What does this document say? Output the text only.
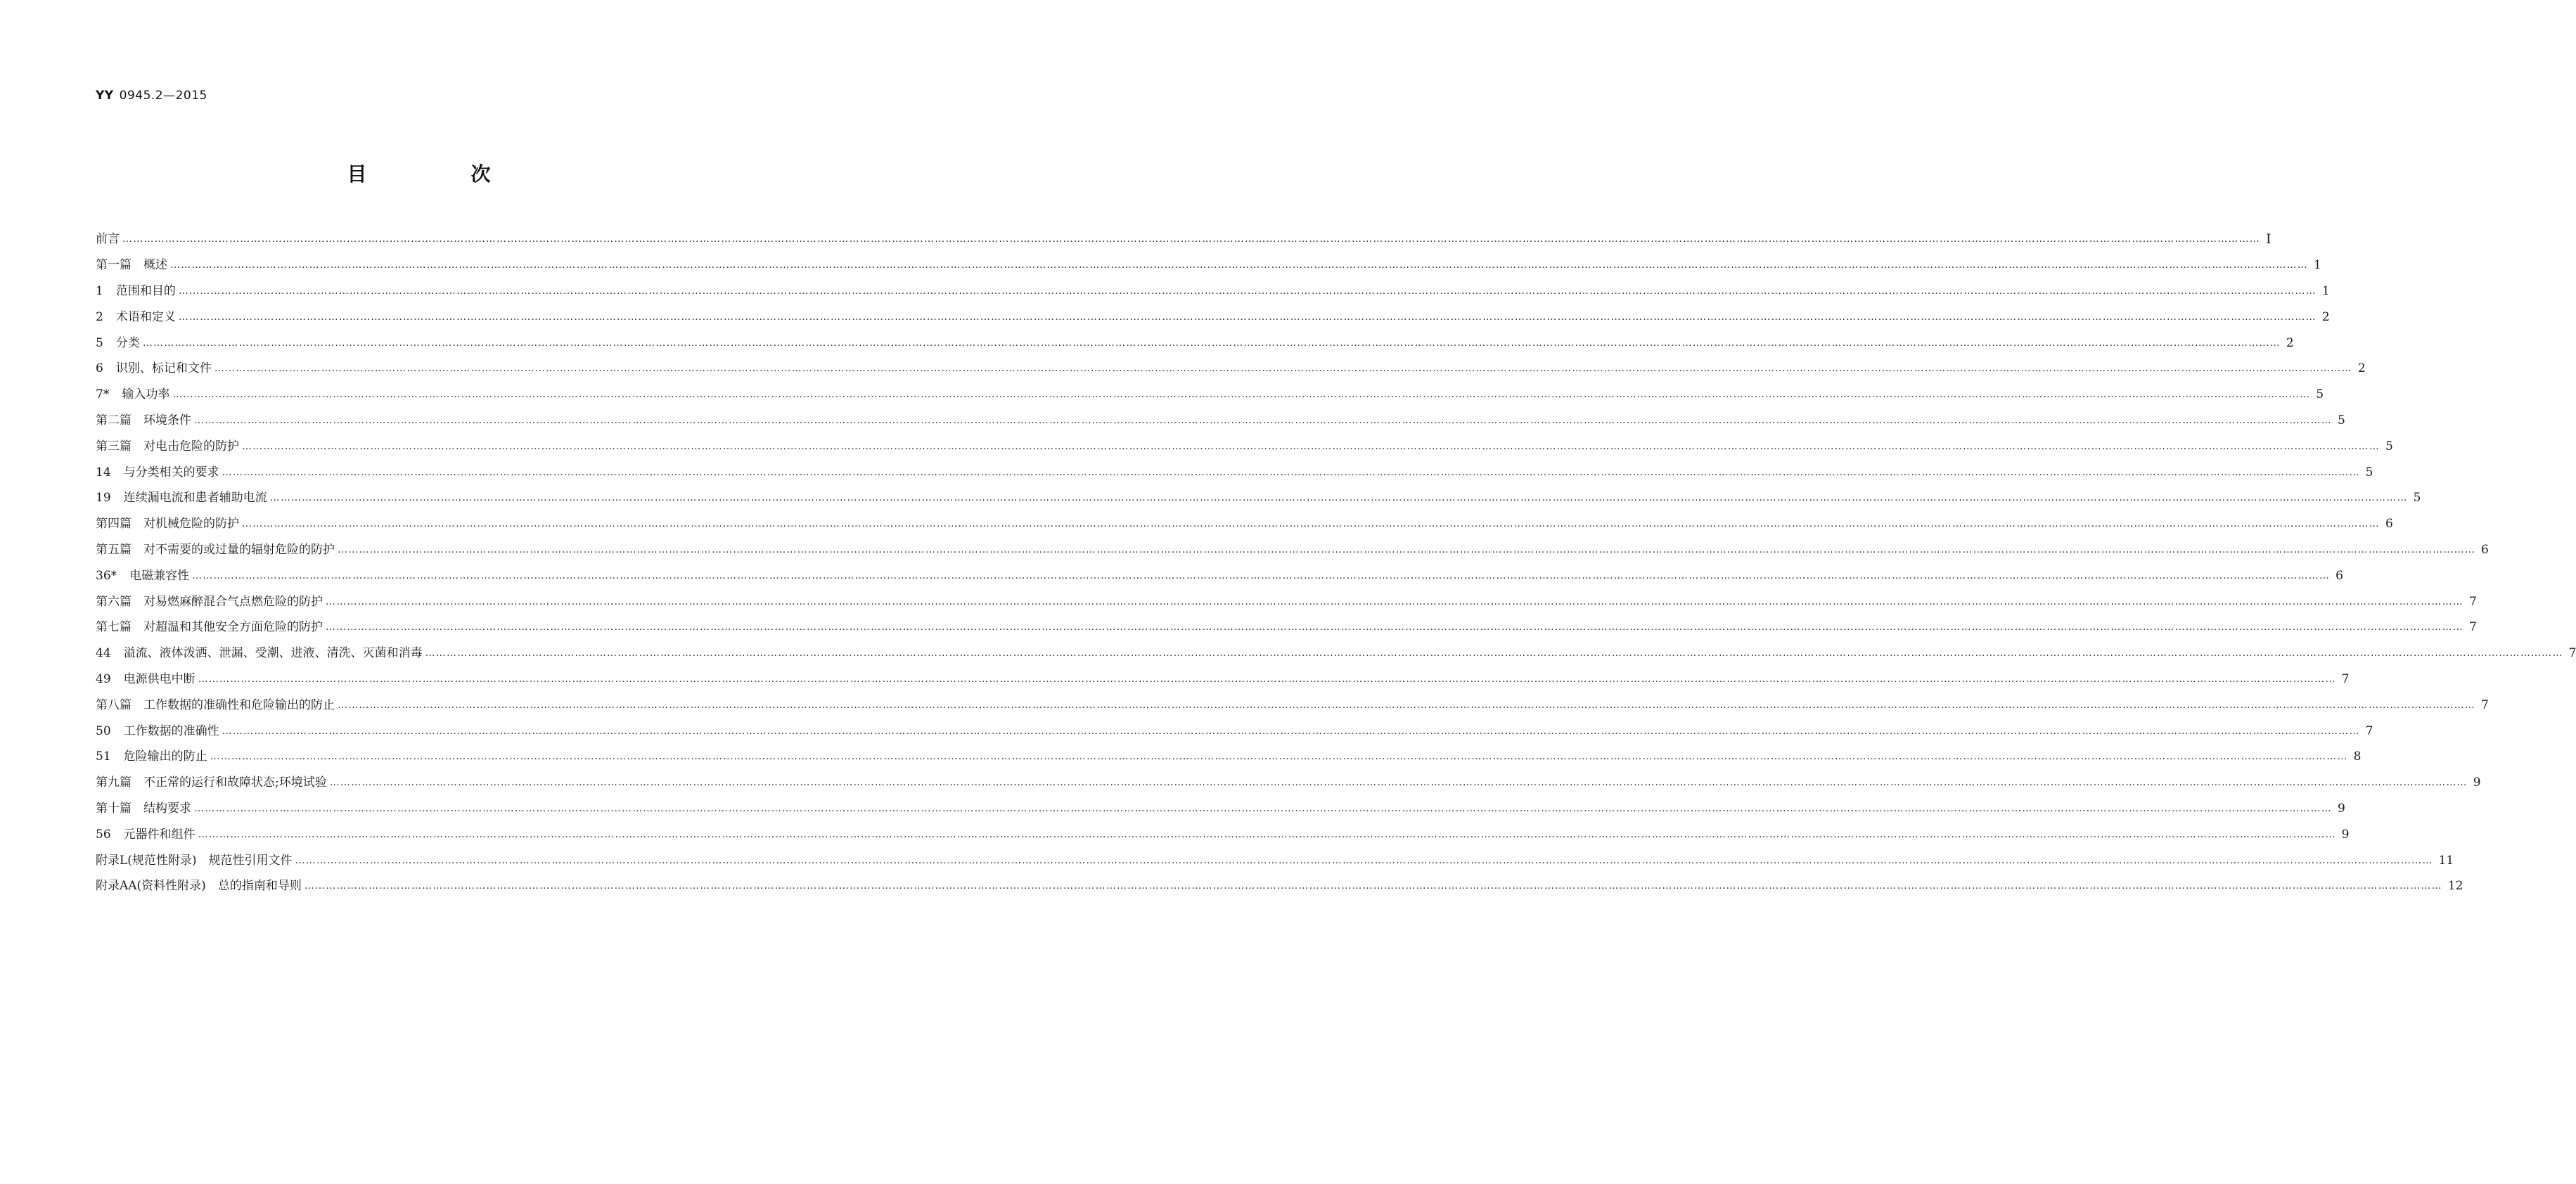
YY 0945.2—2015
目　次
前言 …………………………………………………………………………………………………………………………………………………………………………………………………………………………………………………………………………………………………………………………………………………………………………………………………………………………………………………………………………………………………………………………………………………… Ⅰ
第一篇　概述 …………………………………………………………………………………………………………………………………………………………………………………………………………………………………………………………………………………………………………………………………………………………………………………………………………………………………………………………………………………………………………………………………………………… 1
1 范围和目的 …………………………………………………………………………………………………………………………………………………………………………………………………………………………………………………………………………………………………………………………………………………………………………………………………………………………………………………………………………………………………………………………………………………… 1
2 术语和定义 …………………………………………………………………………………………………………………………………………………………………………………………………………………………………………………………………………………………………………………………………………………………………………………………………………………………………………………………………………………………………………………………………………………… 2
5 分类 …………………………………………………………………………………………………………………………………………………………………………………………………………………………………………………………………………………………………………………………………………………………………………………………………………………………………………………………………………………………………………………………………………………… 2
6 识别、标记和文件 …………………………………………………………………………………………………………………………………………………………………………………………………………………………………………………………………………………………………………………………………………………………………………………………………………………………………………………………………………………………………………………………………………………… 2
7* 输入功率 …………………………………………………………………………………………………………………………………………………………………………………………………………………………………………………………………………………………………………………………………………………………………………………………………………………………………………………………………………………………………………………………………………………… 5
第二篇　环境条件 …………………………………………………………………………………………………………………………………………………………………………………………………………………………………………………………………………………………………………………………………………………………………………………………………………………………………………………………………………………………………………………………………………………… 5
第三篇　对电击危险的防护 …………………………………………………………………………………………………………………………………………………………………………………………………………………………………………………………………………………………………………………………………………………………………………………………………………………………………………………………………………………………………………………………………………………… 5
14 与分类相关的要求 …………………………………………………………………………………………………………………………………………………………………………………………………………………………………………………………………………………………………………………………………………………………………………………………………………………………………………………………………………………………………………………………………………………… 5
19 连续漏电流和患者辅助电流 …………………………………………………………………………………………………………………………………………………………………………………………………………………………………………………………………………………………………………………………………………………………………………………………………………………………………………………………………………………………………………………………………………………… 5
第四篇　对机械危险的防护 …………………………………………………………………………………………………………………………………………………………………………………………………………………………………………………………………………………………………………………………………………………………………………………………………………………………………………………………………………………………………………………………………………………… 6
第五篇　对不需要的或过量的辐射危险的防护 …………………………………………………………………………………………………………………………………………………………………………………………………………………………………………………………………………………………………………………………………………………………………………………………………………………………………………………………………………………………………………………………………………………… 6
36* 电磁兼容性 …………………………………………………………………………………………………………………………………………………………………………………………………………………………………………………………………………………………………………………………………………………………………………………………………………………………………………………………………………………………………………………………………………………… 6
第六篇　对易燃麻醉混合气点燃危险的防护 …………………………………………………………………………………………………………………………………………………………………………………………………………………………………………………………………………………………………………………………………………………………………………………………………………………………………………………………………………………………………………………………………………………… 7
第七篇　对超温和其他安全方面危险的防护 …………………………………………………………………………………………………………………………………………………………………………………………………………………………………………………………………………………………………………………………………………………………………………………………………………………………………………………………………………………………………………………………………………………… 7
44 溢流、液体泼洒、泄漏、受潮、进液、清洗、灭菌和消毒 …………………………………………………………………………………………………………………………………………………………………………………………………………………………………………………………………………………………………………………………………………………………………………………………………………………………………………………………………………………………………………………………………………………… 7
49 电源供电中断 …………………………………………………………………………………………………………………………………………………………………………………………………………………………………………………………………………………………………………………………………………………………………………………………………………………………………………………………………………………………………………………………………………………… 7
第八篇　工作数据的准确性和危险输出的防止 …………………………………………………………………………………………………………………………………………………………………………………………………………………………………………………………………………………………………………………………………………………………………………………………………………………………………………………………………………………………………………………………………………………… 7
50 工作数据的准确性 …………………………………………………………………………………………………………………………………………………………………………………………………………………………………………………………………………………………………………………………………………………………………………………………………………………………………………………………………………………………………………………………………………………… 7
51 危险输出的防止 …………………………………………………………………………………………………………………………………………………………………………………………………………………………………………………………………………………………………………………………………………………………………………………………………………………………………………………………………………………………………………………………………………………… 8
第九篇　不正常的运行和故障状态;环境试验 …………………………………………………………………………………………………………………………………………………………………………………………………………………………………………………………………………………………………………………………………………………………………………………………………………………………………………………………………………………………………………………………………………………… 9
第十篇　结构要求 …………………………………………………………………………………………………………………………………………………………………………………………………………………………………………………………………………………………………………………………………………………………………………………………………………………………………………………………………………………………………………………………………………………… 9
56 元器件和组件 …………………………………………………………………………………………………………………………………………………………………………………………………………………………………………………………………………………………………………………………………………………………………………………………………………………………………………………………………………………………………………………………………………………… 9
附录L(规范性附录)　规范性引用文件 …………………………………………………………………………………………………………………………………………………………………………………………………………………………………………………………………………………………………………………………………………………………………………………………………………………………………………………………………………………………………………………………………………………… 11
附录AA(资料性附录)　总的指南和导则 …………………………………………………………………………………………………………………………………………………………………………………………………………………………………………………………………………………………………………………………………………………………………………………………………………………………………………………………………………………………………………………………………………………… 12
